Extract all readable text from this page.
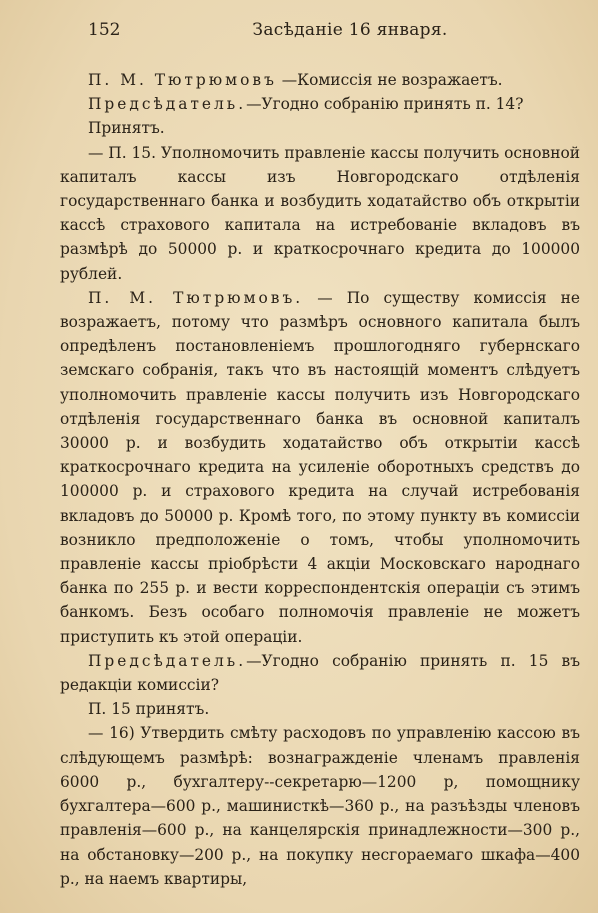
152	Засѣданіе 16 января.

П. М. Тютрюмовъ —Комиссія не возражаетъ.

Предсѣдатель.—Угодно собранію принять п. 14?

Принятъ.

— П. 15. Уполномочить правленіе кассы получить основной капиталъ кассы изъ Новгородскаго отдѣленія государственнаго банка и возбудить ходатайство объ открытіи кассѣ страхового капитала на истребованіе вкладовъ въ размѣрѣ до 50000 р. и краткосрочнаго кредита до 100000 рублей.

П. М. Тютрюмовъ. — По существу комиссія не возражаетъ, потому что размѣръ основного капитала былъ опредѣленъ постановленіемъ прошлогодняго губернскаго земскаго собранія, такъ что въ настоящій моментъ слѣдуетъ уполномочить правленіе кассы получить изъ Новгородскаго отдѣленія государственнаго банка въ основной капиталъ 30000 р. и возбудить ходатайство объ открытіи кассѣ краткосрочнаго кредита на усиленіе оборотныхъ средствъ до 100000 р. и страхового кредита на случай истребованія вкладовъ до 50000 р. Кромѣ того, по этому пункту въ комиссіи возникло предположеніе о томъ, чтобы уполномочить правленіе кассы пріобрѣсти 4 акціи Московскаго народнаго банка по 255 р. и вести корреспондентскія операціи съ этимъ банкомъ. Безъ особаго полномочія правленіе не можетъ приступить къ этой операціи.

Предсѣдатель.—Угодно собранію принять п. 15 въ редакціи комиссіи?

П. 15 принятъ.

— 16) Утвердить смѣту расходовъ по управленію кассою въ слѣдующемъ размѣрѣ: вознагражденіе членамъ правленія 6000 р., бухгалтеру--секретарю—1200 р, помощнику бухгалтера—600 р., машинисткѣ—360 р., на разъѣзды членовъ правленія—600 р., на канцелярскія принадлежности—300 р., на обстановку—200 р., на покупку несгораемаго шкафа—400 р., на наемъ квартиры,
